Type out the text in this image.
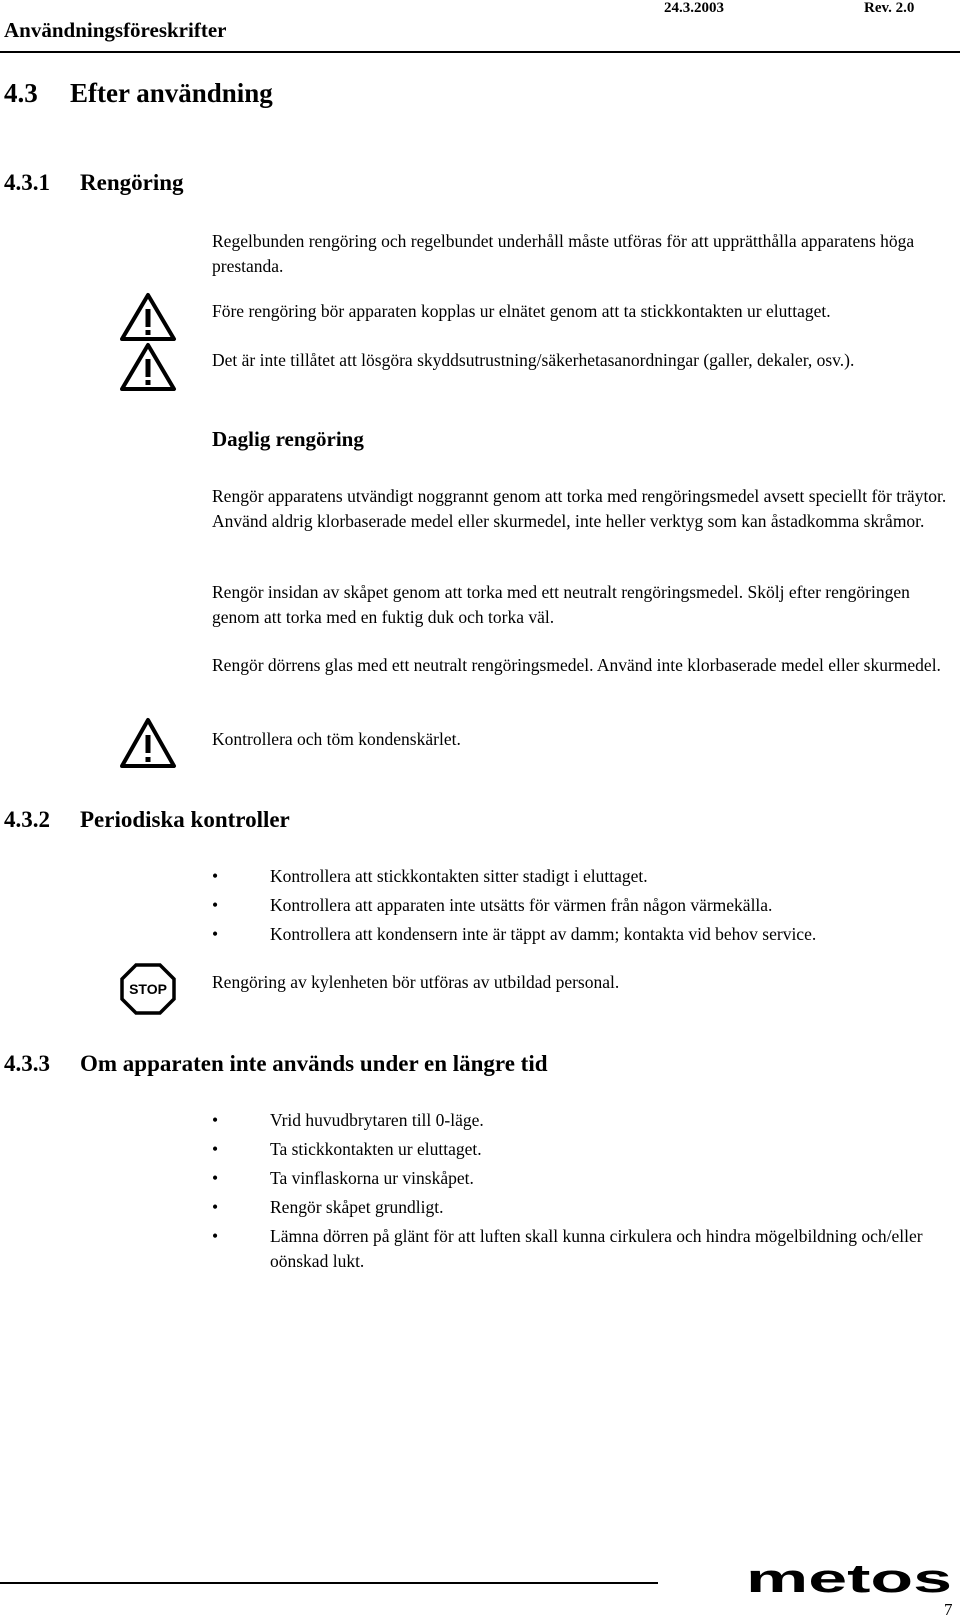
Användningsföreskrifter
24.3.2003	Rev. 2.0
4.3 Efter användning
4.3.1 Rengöring
Regelbunden rengöring och regelbundet underhåll måste utföras för att upprätthålla apparatens höga prestanda.
Före rengöring bör apparaten kopplas ur elnätet genom att ta stickkontakten ur eluttaget.
Det är inte tillåtet att lösgöra skyddsutrustning/säkerhetasanordningar (galler, dekaler, osv.).
Daglig rengöring
Rengör apparatens utvändigt noggrannt genom att torka med rengöringsmedel avsett speciellt för träytor. Använd aldrig klorbaserade medel eller skurmedel, inte heller verktyg som kan åstadkomma skråmor.
Rengör insidan av skåpet genom att torka med ett neutralt rengöringsmedel. Skölj efter rengöringen genom att torka med en fuktig duk och torka väl.
Rengör dörrens glas med ett neutralt rengöringsmedel. Använd inte klorbaserade medel eller skurmedel.
Kontrollera och töm kondenskärlet.
4.3.2 Periodiska kontroller
• Kontrollera att stickkontakten sitter stadigt i eluttaget.
• Kontrollera att apparaten inte utsätts för värmen från någon värmekälla.
• Kontrollera att kondensern inte är täppt av damm; kontakta vid behov service.
STOP	Rengöring av kylenheten bör utföras av utbildad personal.
4.3.3 Om apparaten inte används under en längre tid
• Vrid huvudbrytaren till 0-läge.
• Ta stickkontakten ur eluttaget.
• Ta vinflaskorna ur vinskåpet.
• Rengör skåpet grundligt.
• Lämna dörren på glänt för att luften skall kunna cirkulera och hindra mögelbildning och/eller oönskad lukt.
metos
7
